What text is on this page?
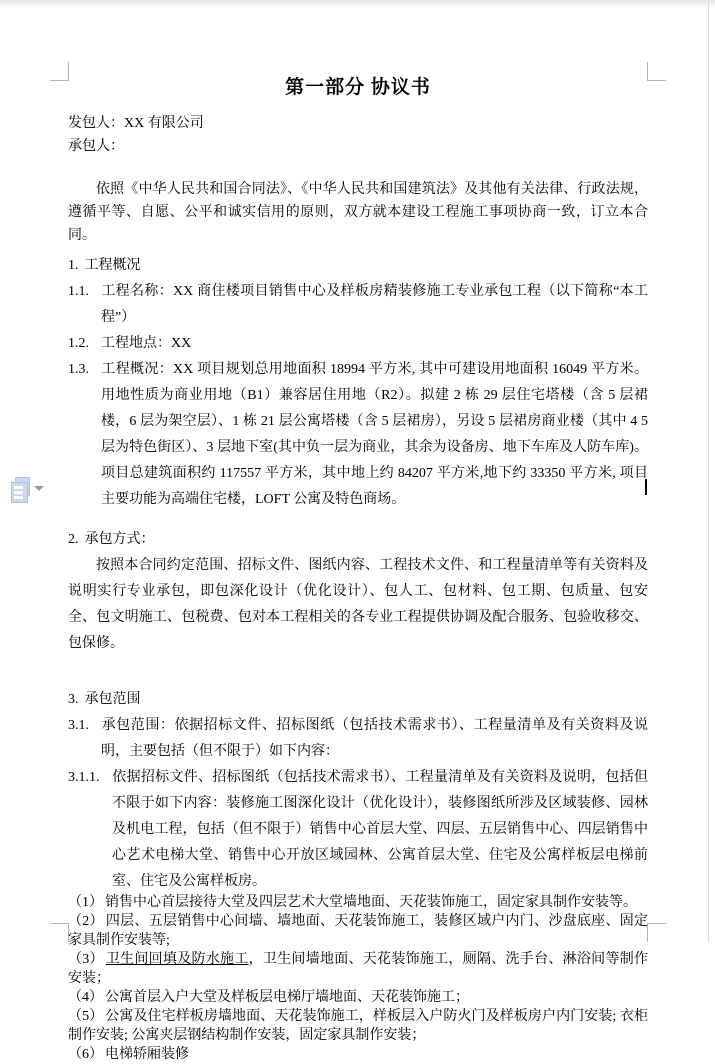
第一部分 协议书

发包人：XX 有限公司

承包人：

依照《中华人民共和国合同法》、《中华人民共和国建筑法》及其他有关法律、行政法规，遵循平等、自愿、公平和诚实信用的原则，双方就本建设工程施工事项协商一致，订立本合同。

1. 工程概况

1.1. 工程名称：XX 商住楼项目销售中心及样板房精装修施工专业承包工程（以下简称“本工程”）

1.2. 工程地点：XX

1.3. 工程概况：XX 项目规划总用地面积 18994 平方米, 其中可建设用地面积 16049 平方米。用地性质为商业用地（B1）兼容居住用地（R2）。拟建 2 栋 29 层住宅塔楼（含 5 层裙楼，6 层为架空层）、1 栋 21 层公寓塔楼（含 5 层裙房），另设 5 层裙房商业楼（其中 4 5 层为特色街区）、3 层地下室(其中负一层为商业，其余为设备房、地下车库及人防车库)。项目总建筑面积约 117557 平方米，其中地上约 84207 平方米,地下约 33350 平方米, 项目主要功能为高端住宅楼，LOFT 公寓及特色商场。

2. 承包方式：

按照本合同约定范围、招标文件、图纸内容、工程技术文件、和工程量清单等有关资料及说明实行专业承包，即包深化设计（优化设计）、包人工、包材料、包工期、包质量、包安全、包文明施工、包税费、包对本工程相关的各专业工程提供协调及配合服务、包验收移交、包保修。

3. 承包范围

3.1. 承包范围：依据招标文件、招标图纸（包括技术需求书）、工程量清单及有关资料及说明，主要包括（但不限于）如下内容：

3.1.1. 依据招标文件、招标图纸（包括技术需求书）、工程量清单及有关资料及说明，包括但不限于如下内容：装修施工图深化设计（优化设计），装修图纸所涉及区域装修、园林及机电工程，包括（但不限于）销售中心首层大堂、四层、五层销售中心、四层销售中心艺术电梯大堂、销售中心开放区域园林、公寓首层大堂、住宅及公寓样板层电梯前室、住宅及公寓样板房。

（1） 销售中心首层接待大堂及四层艺术大堂墙地面、天花装饰施工，固定家具制作安装等。

（2） 四层、五层销售中心间墙、墙地面、天花装饰施工，装修区域户内门、沙盘底座、固定家具制作安装等;

（3） 卫生间回填及防水施工，卫生间墙地面、天花装饰施工，厕隔、洗手台、淋浴间等制作安装；

（4） 公寓首层入户大堂及样板层电梯厅墙地面、天花装饰施工；

（5） 公寓及住宅样板房墙地面、天花装饰施工，样板层入户防火门及样板房户内门安装; 衣柜制作安装; 公寓夹层钢结构制作安装，固定家具制作安装；

（6） 电梯轿厢装修
